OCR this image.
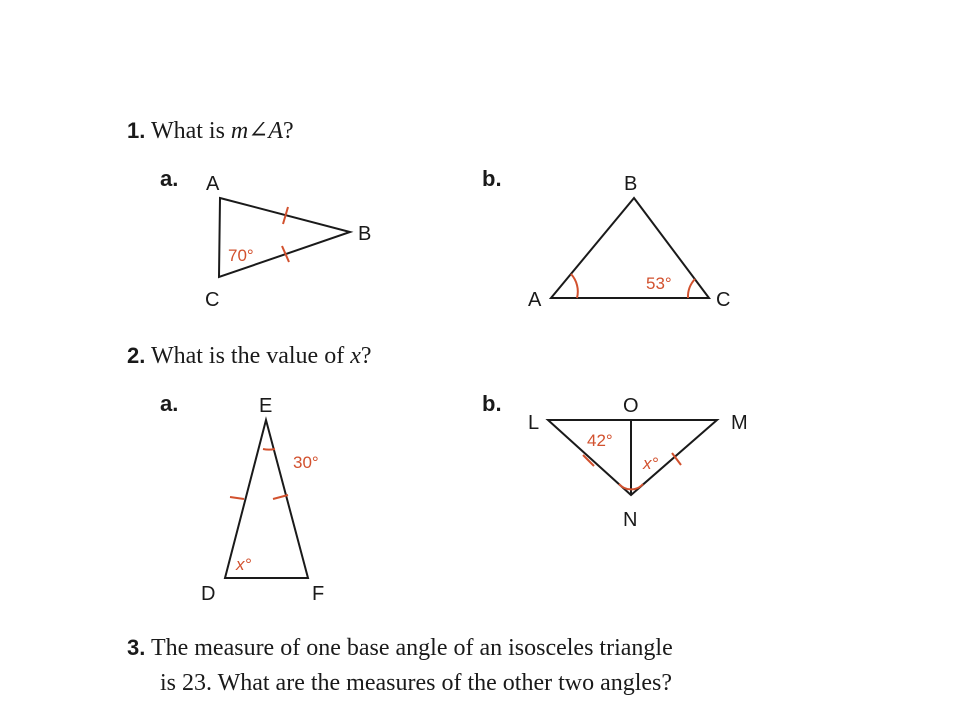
1. What is m∠A?
a.	b.
2. What is the value of x?
a.	b.
3. The measure of one base angle of an isosceles triangle
is 23. What are the measures of the other two angles?
A
B
C
70°
B
A	C
53°
E
D	F
30°
x°
L	M
O
N
42°
x°
